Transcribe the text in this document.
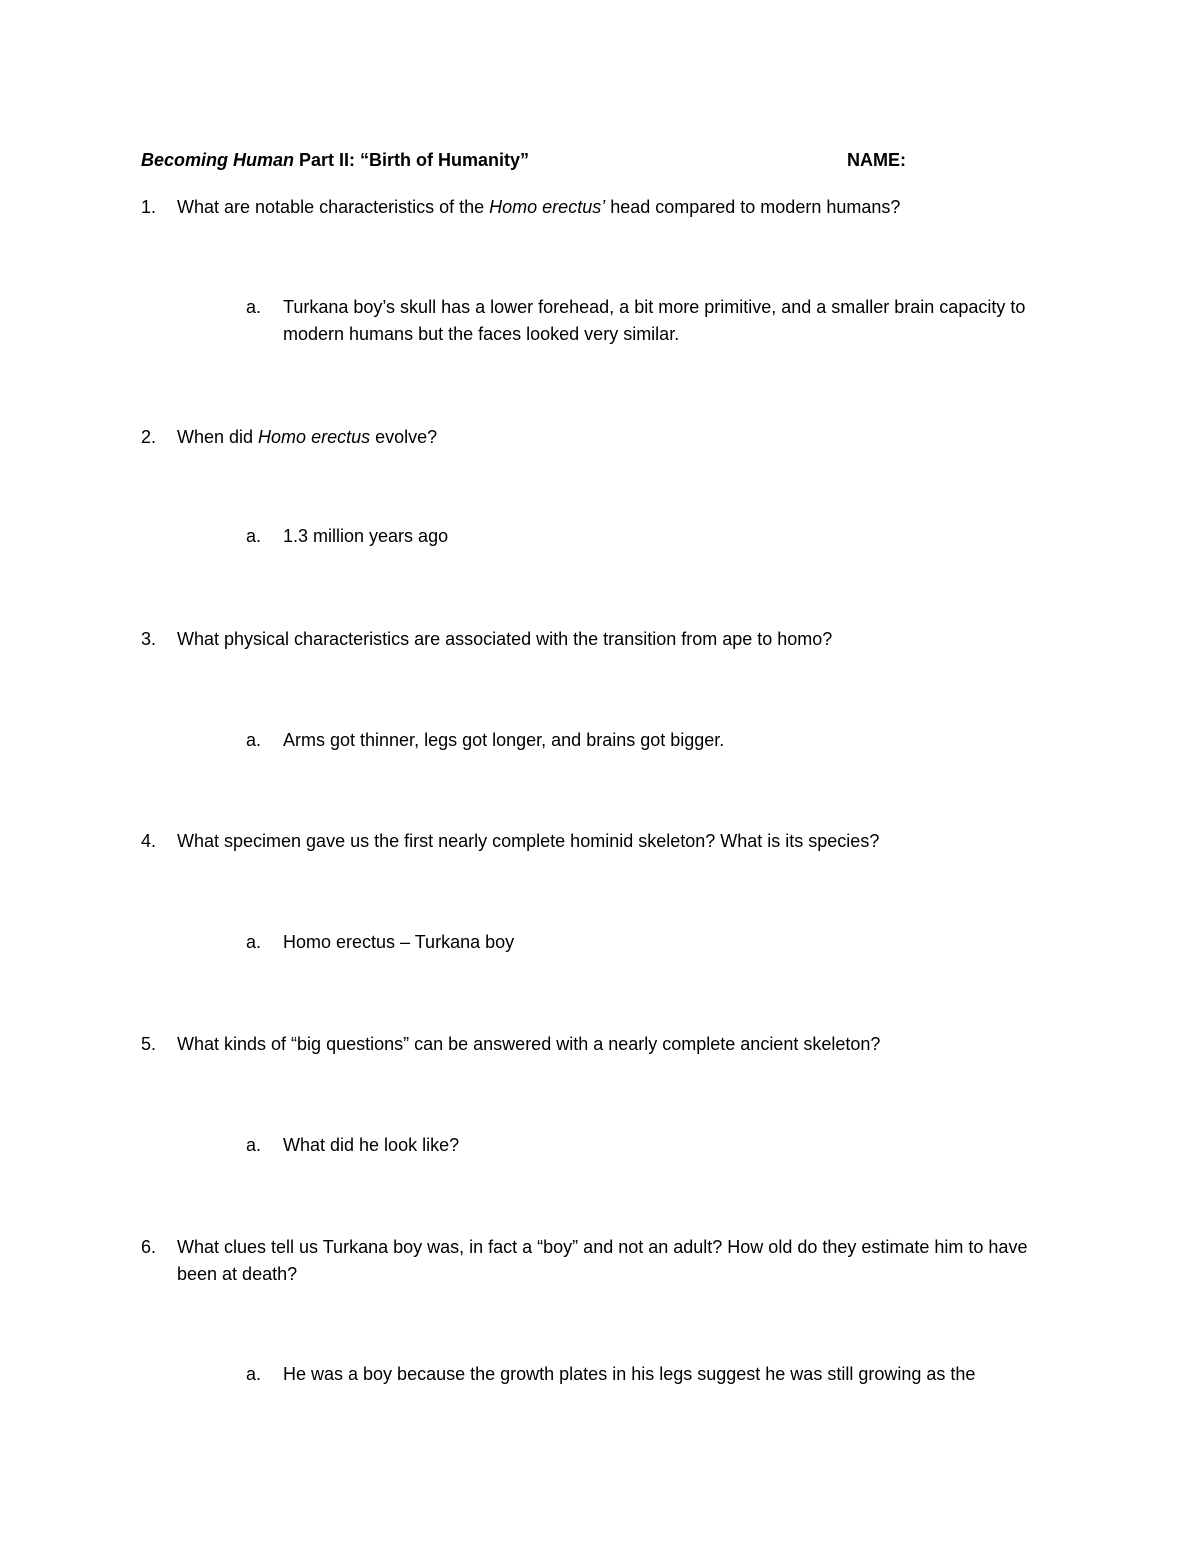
Becoming Human Part II: “Birth of Humanity”	NAME:
1.	What are notable characteristics of the Homo erectus’ head compared to modern humans?
a.	Turkana boy’s skull has a lower forehead, a bit more primitive, and a smaller brain capacity to modern humans but the faces looked very similar.
2.	When did Homo erectus evolve?
a.	1.3 million years ago
3.	What physical characteristics are associated with the transition from ape to homo?
a.	Arms got thinner, legs got longer, and brains got bigger.
4.	What specimen gave us the first nearly complete hominid skeleton? What is its species?
a.	Homo erectus – Turkana boy
5.	What kinds of “big questions” can be answered with a nearly complete ancient skeleton?
a.	What did he look like?
6.	What clues tell us Turkana boy was, in fact a “boy” and not an adult? How old do they estimate him to have been at death?
a.	He was a boy because the growth plates in his legs suggest he was still growing as the
